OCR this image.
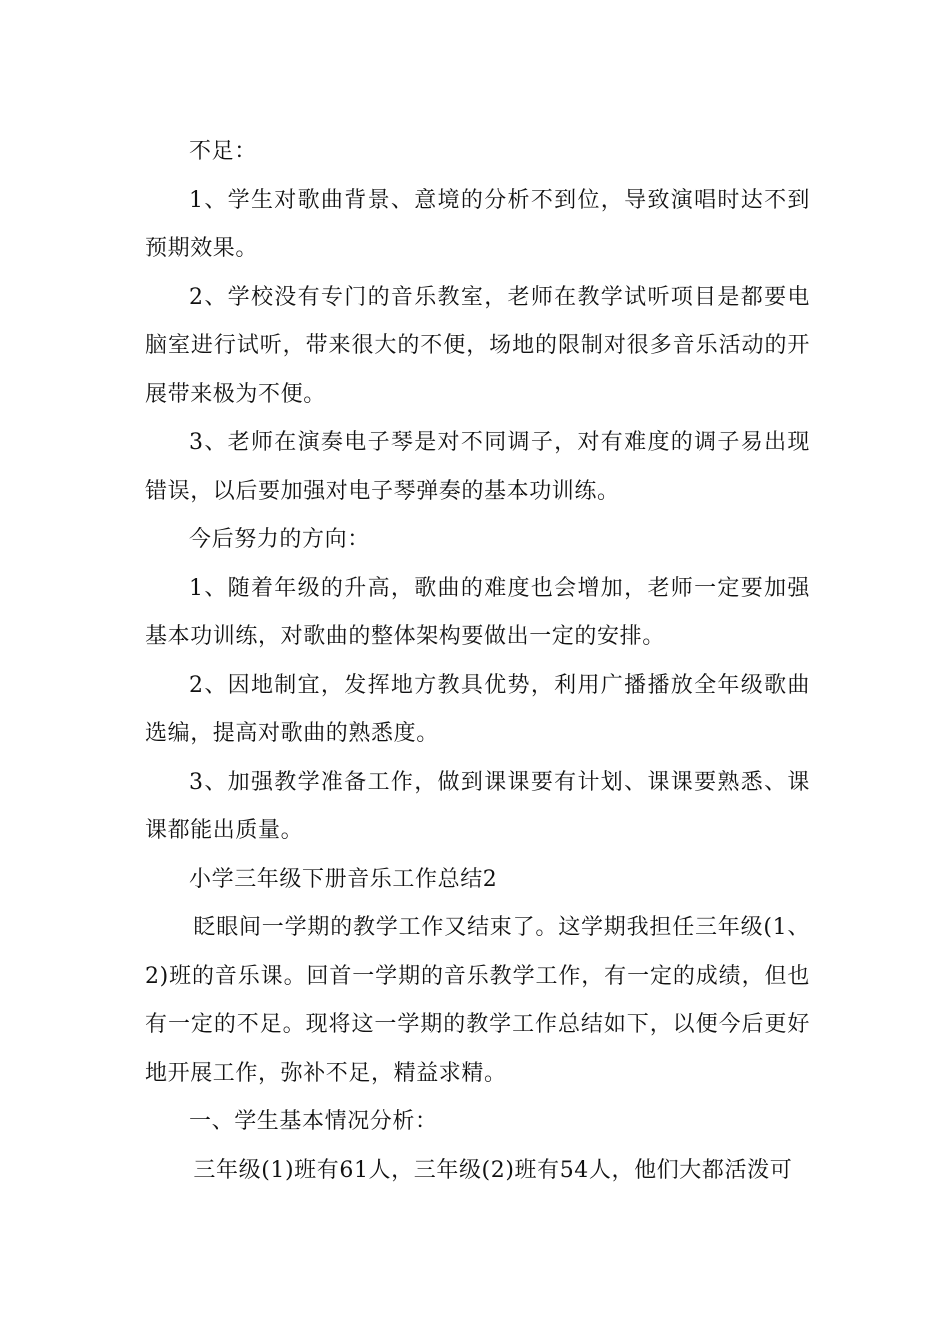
不足：

1、学生对歌曲背景、意境的分析不到位，导致演唱时达不到预期效果。

2、学校没有专门的音乐教室，老师在教学试听项目是都要电脑室进行试听，带来很大的不便，场地的限制对很多音乐活动的开展带来极为不便。

3、老师在演奏电子琴是对不同调子，对有难度的调子易出现错误，以后要加强对电子琴弹奏的基本功训练。

今后努力的方向：

1、随着年级的升高，歌曲的难度也会增加，老师一定要加强基本功训练，对歌曲的整体架构要做出一定的安排。

2、因地制宜，发挥地方教具优势，利用广播播放全年级歌曲选编，提高对歌曲的熟悉度。

3、加强教学准备工作，做到课课要有计划、课课要熟悉、课课都能出质量。

小学三年级下册音乐工作总结2

眨眼间一学期的教学工作又结束了。这学期我担任三年级(1、2)班的音乐课。回首一学期的音乐教学工作，有一定的成绩，但也有一定的不足。现将这一学期的教学工作总结如下，以便今后更好地开展工作，弥补不足，精益求精。

一、学生基本情况分析：

三年级(1)班有61人，三年级(2)班有54人，他们大都活泼可
